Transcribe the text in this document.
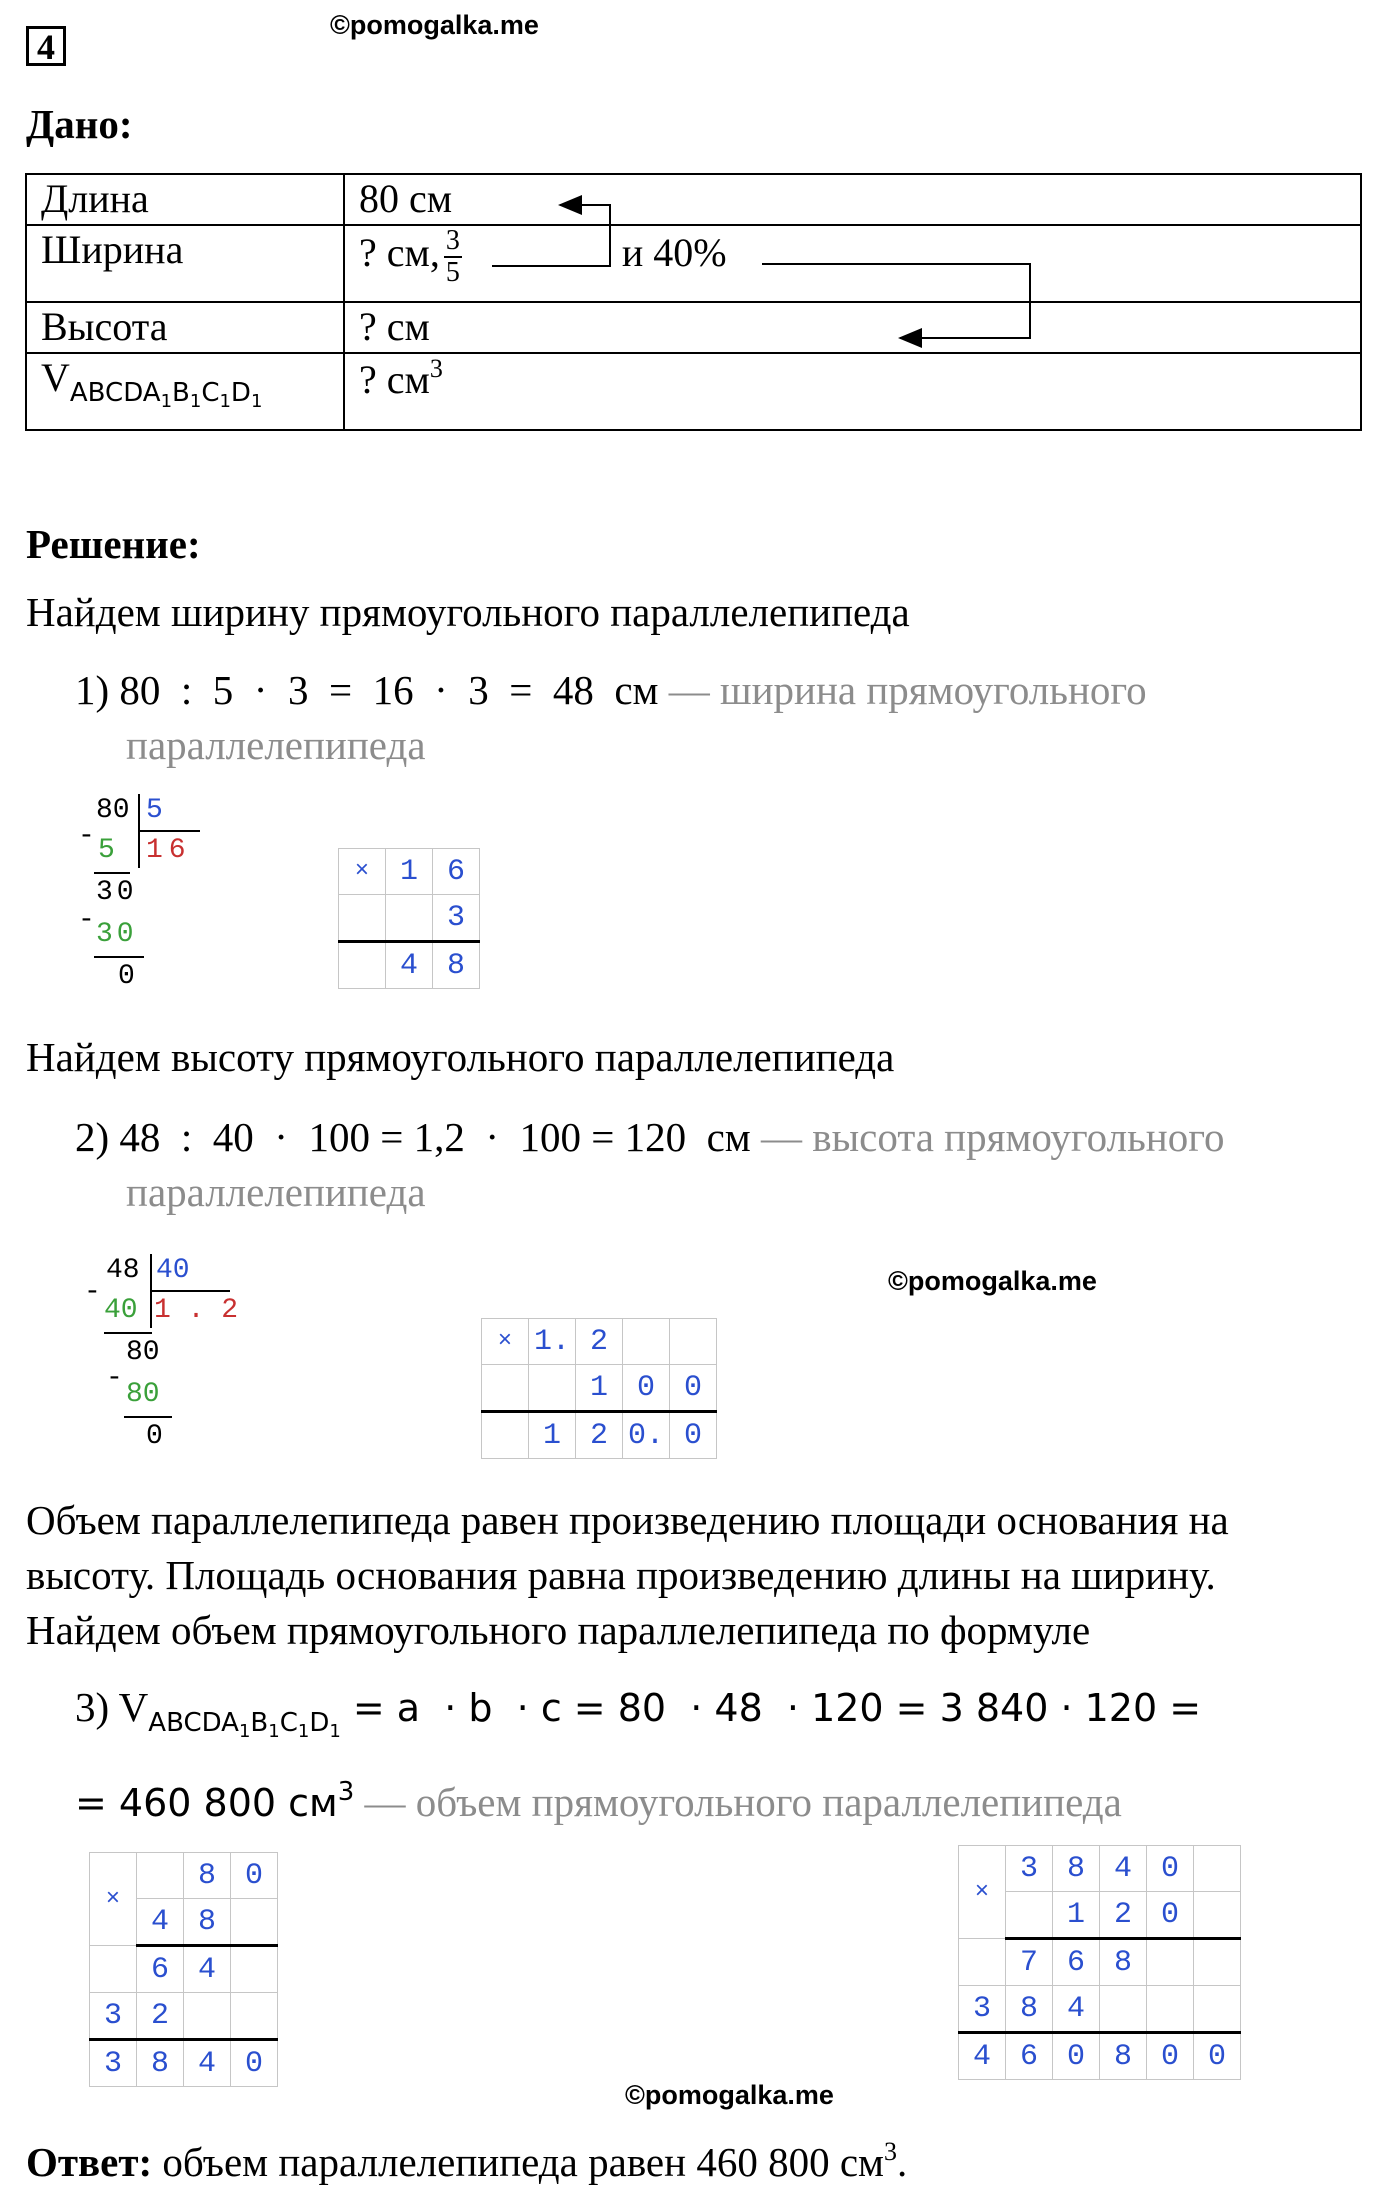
4
©pomogalka.me
Дано:
Длина	80 см
Ширина	? см, $\frac{3}{5}$ и 40%
Высота	? см
$V_{ABCDA_1B_1C_1D_1}$	? $см^3$
Решение:
Найдем ширину прямоугольного параллелепипеда
1) 80  :  5  ·  3  =  16  ·  3  =  48  см — ширина прямоугольного
параллелепипеда
80 5
- 5 16
30
- 30
0
×	1	6
		3
	4	8
Найдем высоту прямоугольного параллелепипеда
2) 48  :  40  ·  100 = 1,2  ·  100 = 120  см — высота прямоугольного
параллелепипеда
48 40
-
40 1 . 2
80
-
80
0
©pomogalka.me
×	1.	2		
		1	0	0
	1	2	0.	0
Объем параллелепипеда равен произведению площади основания на
высоту. Площадь основания равна произведению длины на ширину.
Найдем объем прямоугольного параллелепипеда по формуле
3) $V_{ABCDA_1B_1C_1D_1} = a \cdot b \cdot c = 80 \cdot 48 \cdot 120 = 3$ 840 · 120 =
= 460 800 $см^3$ — объем прямоугольного параллелепипеда
×		8	0
	4	8	
	6	4	
3	2		
3	8	4	0
×	3	8	4	0	
		1	2	0	
	7	6	8		
3	8	4			
4	6	0	8	0	0
©pomogalka.me
Ответ: объем параллелепипеда равен 460 800 $см^3$.
